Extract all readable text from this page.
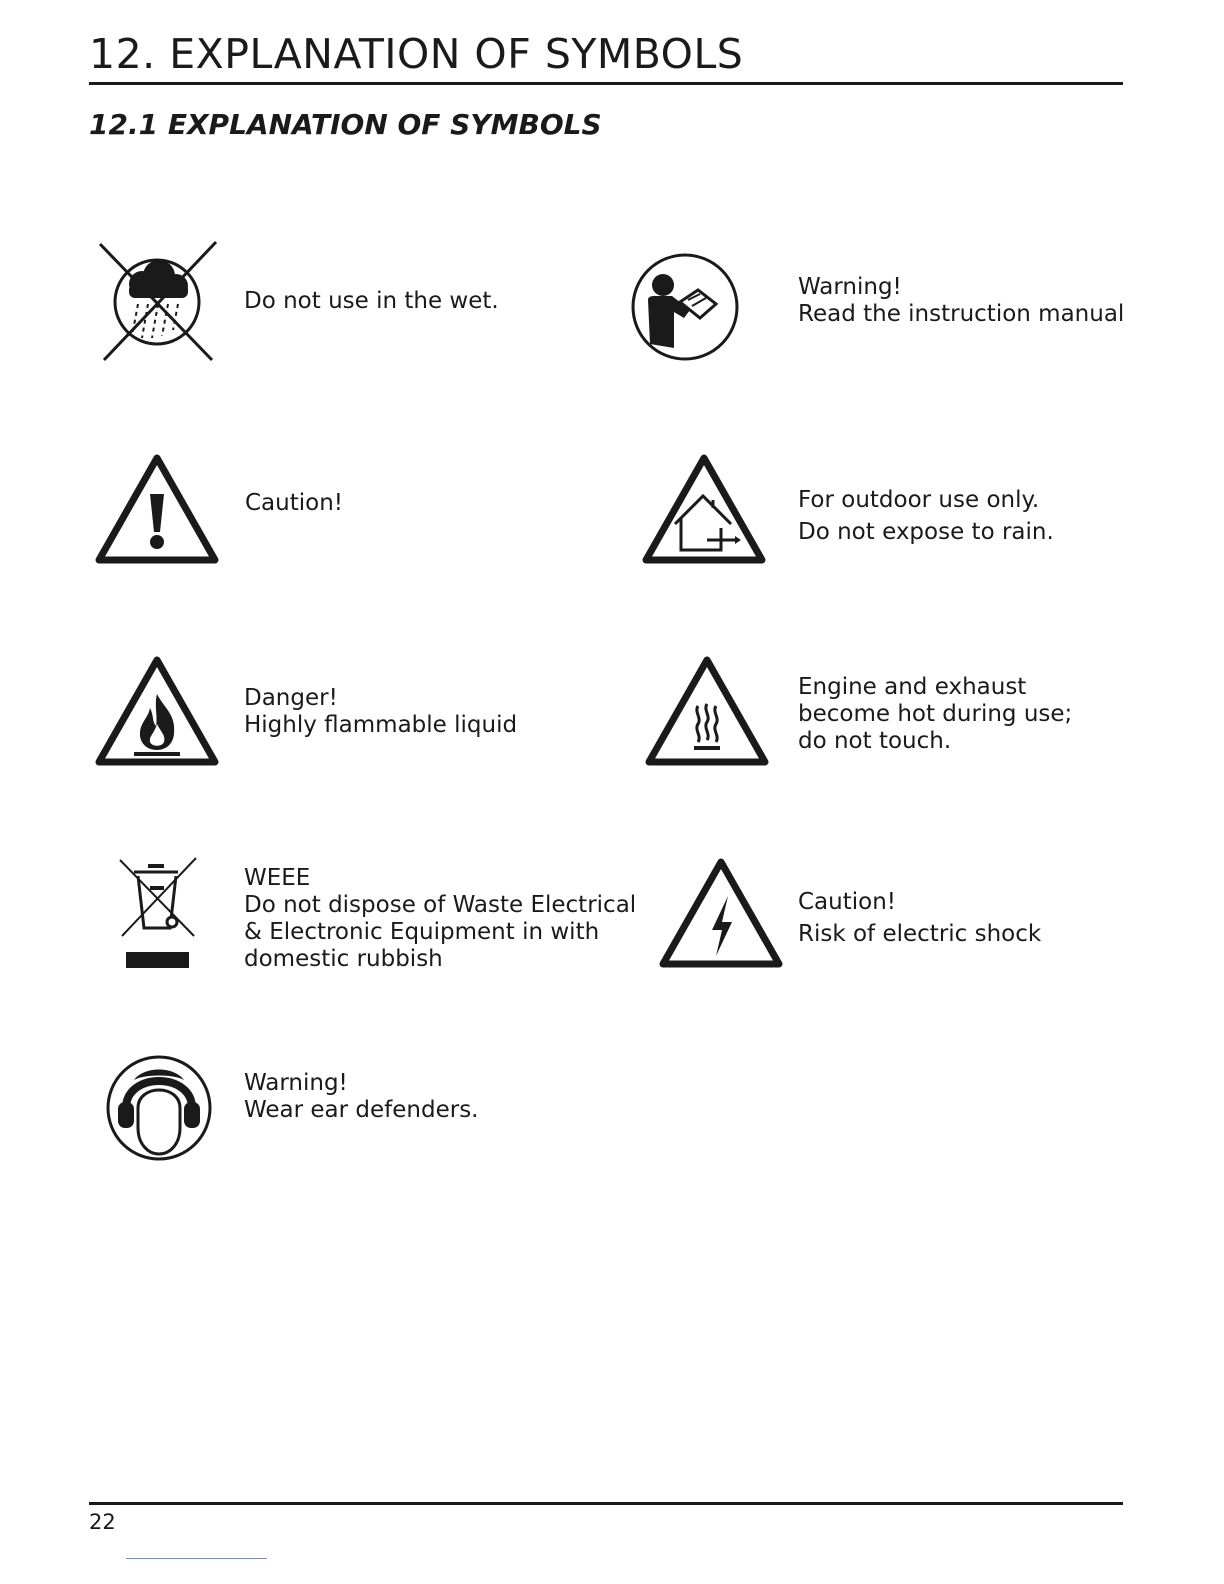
12. EXPLANATION OF SYMBOLS
12.1 EXPLANATION OF SYMBOLS
Do not use in the wet.
Warning!
Read the instruction manual
Caution!	For outdoor use only.
Do not expose to rain.
Danger!
Highly flammable liquid
Engine and exhaust
become hot during use;
do not touch.
WEEE
Do not dispose of Waste Electrical
& Electronic Equipment in with
domestic rubbish
Caution!
Risk of electric shock
Warning!
Wear ear defenders.
22
